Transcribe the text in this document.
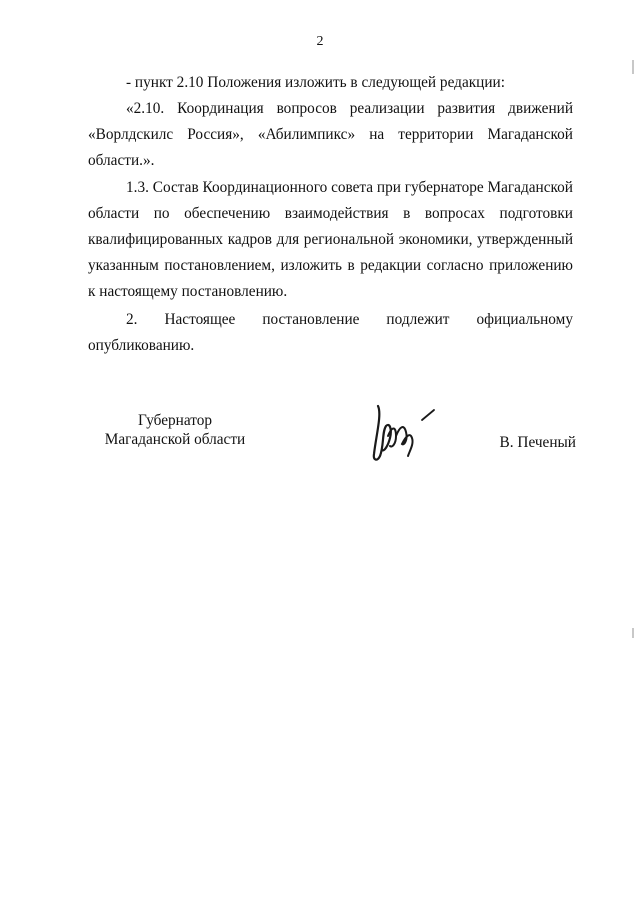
2

- пункт 2.10 Положения изложить в следующей редакции:

«2.10. Координация вопросов реализации развития движений «Ворлдскилс Россия», «Абилимпикс» на территории Магаданской области.».

1.3. Состав Координационного совета при губернаторе Магаданской области по обеспечению взаимодействия в вопросах подготовки квалифицированных кадров для региональной экономики, утвержденный указанным постановлением, изложить в редакции согласно приложению к настоящему постановлению.

2. Настоящее постановление подлежит официальному опубликованию.

Губернатор
Магаданской области	В. Печеный
